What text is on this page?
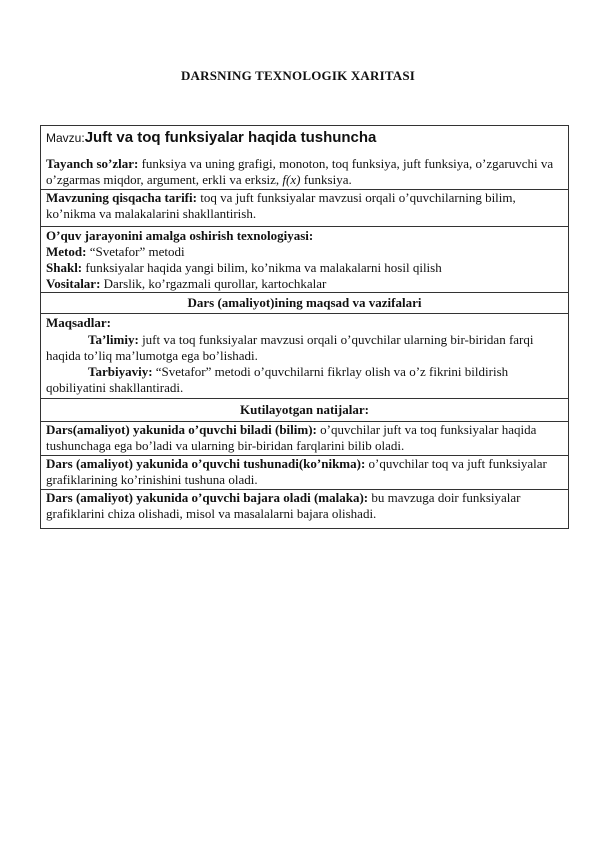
DARSNING TEXNOLOGIK XARITASI
Mavzu:Juft va toq funksiyalar haqida tushuncha
Tayanch so’zlar: funksiya va uning grafigi, monoton, toq funksiya, juft funksiya, o’zgaruvchi va o’zgarmas miqdor, argument, erkli va erksiz, f(x) funksiya.

Mavzuning qisqacha tarifi: toq va juft funksiyalar mavzusi orqali o’quvchilarning bilim, ko’nikma va malakalarini shakllantirish.

O’quv jarayonini amalga oshirish texnologiyasi:
Metod: “Svetafor” metodi
Shakl: funksiyalar haqida yangi bilim, ko’nikma va malakalarni hosil qilish
Vositalar: Darslik, ko’rgazmali qurollar, kartochkalar

Dars (amaliyot)ining maqsad va vazifalari

Maqsadlar:
Ta’limiy: juft va toq funksiyalar mavzusi orqali o’quvchilar ularning bir-biridan farqi haqida to’liq ma’lumotga ega bo’lishadi.
Tarbiyaviy: “Svetafor” metodi o’quvchilarni fikrlay olish va o’z fikrini bildirish qobiliyatini shakllantiradi.

Kutilayotgan natijalar:
Dars(amaliyot) yakunida o’quvchi biladi (bilim): o’quvchilar juft va toq funksiyalar haqida tushunchaga ega bo’ladi va ularning bir-biridan farqlarini bilib oladi.
Dars (amaliyot) yakunida o’quvchi tushunadi(ko’nikma): o’quvchilar toq va juft funksiyalar grafiklarining ko’rinishini tushuna oladi.
Dars (amaliyot) yakunida o’quvchi bajara oladi (malaka): bu mavzuga doir funksiyalar grafiklarini chiza olishadi, misol va masalalarni bajara olishadi.
